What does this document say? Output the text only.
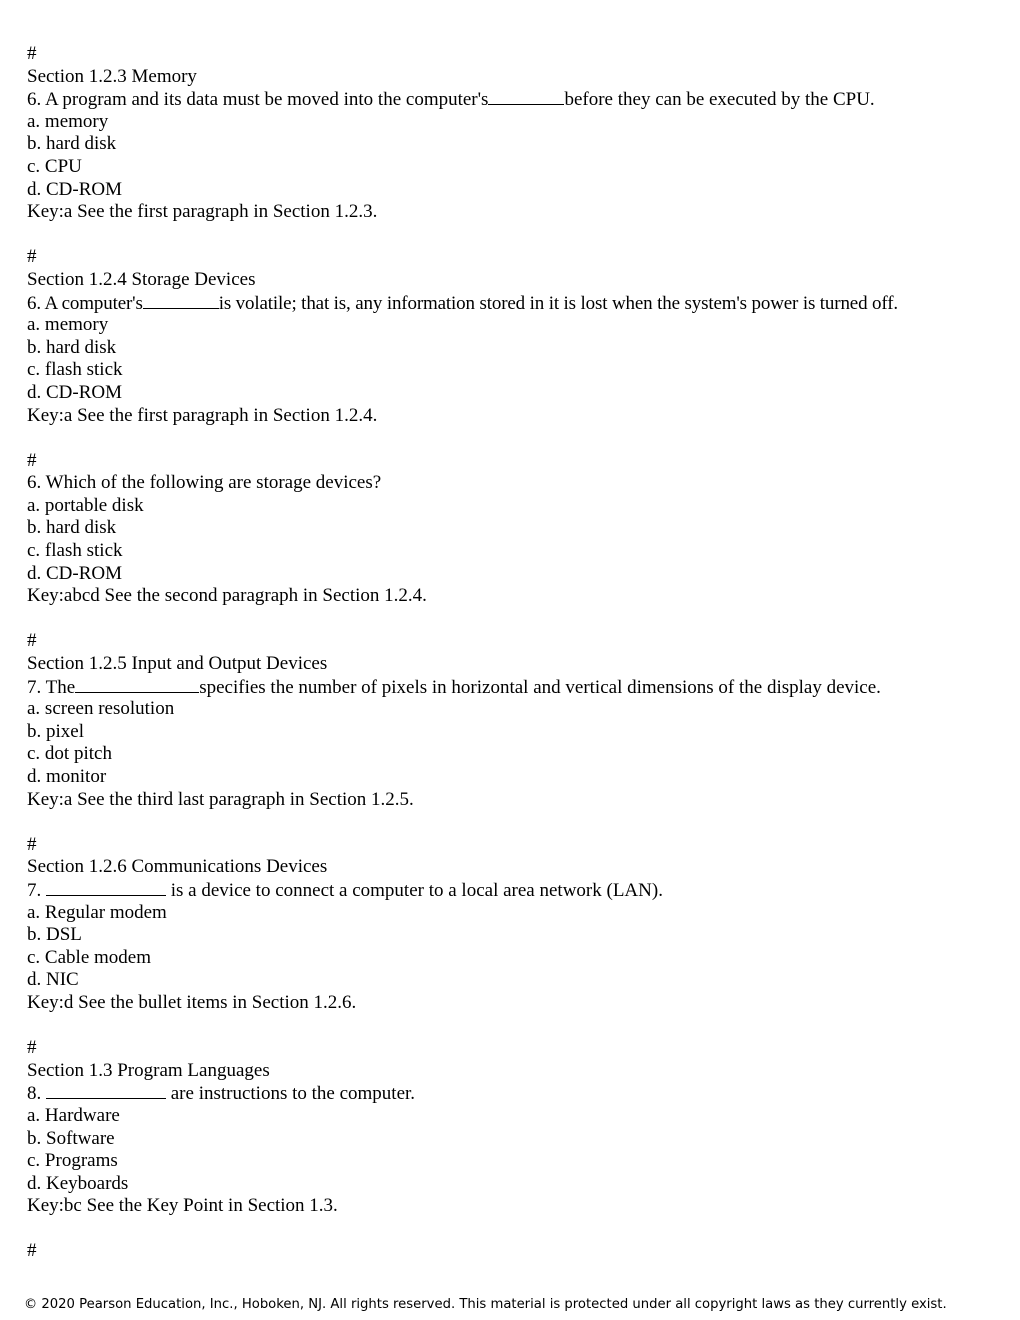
#
Section 1.2.3 Memory
6. A program and its data must be moved into the computer's	before they can be executed by the CPU.
a. memory
b. hard disk
c. CPU
d. CD-ROM
Key:a See the first paragraph in Section 1.2.3.
#
Section 1.2.4 Storage Devices
6. A computer's	is volatile; that is, any information stored in it is lost when the system's power is turned off.
a. memory
b. hard disk
c. flash stick
d. CD-ROM
Key:a See the first paragraph in Section 1.2.4.
#
6. Which of the following are storage devices?
a. portable disk
b. hard disk
c. flash stick
d. CD-ROM
Key:abcd See the second paragraph in Section 1.2.4.
#
Section 1.2.5 Input and Output Devices
7. The	specifies the number of pixels in horizontal and vertical dimensions of the display device.
a. screen resolution
b. pixel
c. dot pitch
d. monitor
Key:a See the third last paragraph in Section 1.2.5.
#
Section 1.2.6 Communications Devices
7.	is a device to connect a computer to a local area network (LAN).
a. Regular modem
b. DSL
c. Cable modem
d. NIC
Key:d See the bullet items in Section 1.2.6.
#
Section 1.3 Program Languages
8.	are instructions to the computer.
a. Hardware
b. Software
c. Programs
d. Keyboards
Key:bc See the Key Point in Section 1.3.
#
© 2020 Pearson Education, Inc., Hoboken, NJ. All rights reserved. This material is protected under all copyright laws as they currently exist.
